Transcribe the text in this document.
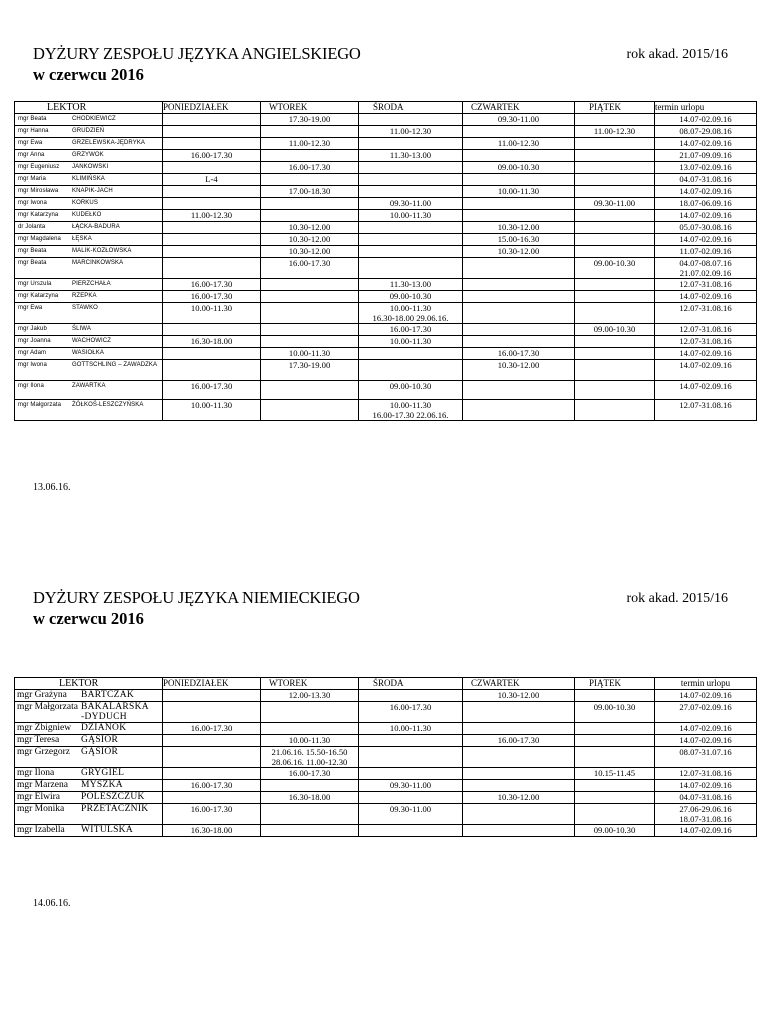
DYŻURY ZESPOŁU JĘZYKA ANGIELSKIEGO
w czerwcu 2016
rok akad. 2015/16
LEKTOR	PONIEDZIAŁEK	WTOREK	ŚRODA	CZWARTEK	PIĄTEK	termin urlopu
mgr Beata CHODKIEWICZ		17.30-19.00		09.30-11.00		14.07-02.09.16
mgr Hanna GRUDZIEŃ			11.00-12.30		11.00-12.30	08.07-29.08.16
mgr Ewa GRZELEWSKA-JĘDRYKA		11.00-12.30		11.00-12.30		14.07-02.09.16
mgr Anna GRZYWOK	16.00-17.30		11.30-13.00			21.07-09.09.16
mgr Eugeniusz JANKOWSKI		16.00-17.30		09.00-10.30		13.07-02.09.16
mgr Maria KLIMIŃSKA	L-4					04.07-31.08.16
mgr Mirosława KNAPIK-JACH		17.00-18.30		10.00-11.30		14.07-02.09.16
mgr Iwona KORKUS			09.30-11.00		09.30-11.00	18.07-06.09.16
mgr Katarzyna KUDEŁKO	11.00-12.30		10.00-11.30			14.07-02.09.16
dr Jolanta ŁĄCKA-BADURA		10.30-12.00		10.30-12.00		05.07-30.08.16
mgr Magdalena ŁĘSKA		10.30-12.00		15.00-16.30		14.07-02.09.16
mgr Beata MALIK-KOZŁOWSKA		10.30-12.00		10.30-12.00		11.07-02.09.16
mgr Beata MARCINKOWSKA		16.00-17.30			09.00-10.30	04.07-08.07.16
21.07.02.09.16
mgr Urszula PIERZCHAŁA	16.00-17.30		11.30-13.00			12.07-31.08.16
mgr Katarzyna RZEPKA	16.00-17.30		09.00-10.30			14.07-02.09.16
mgr Ewa STAWKO	10.00-11.30		10.00-11.30
16.30-18.00 29.06.16.			12.07-31.08.16
mgr Jakub ŚLIWA			16.00-17.30		09.00-10.30	12.07-31.08.16
mgr Joanna WACHOWICZ	16.30-18.00		10.00-11.30			12.07-31.08.16
mgr Adam WASIOŁKA		10.00-11.30		16.00-17.30		14.07-02.09.16
mgr Iwona GOTTSCHLING – ZAWADZKA		17.30-19.00		10.30-12.00		14.07-02.09.16
mgr Ilona ZAWARTKA	16.00-17.30		09.00-10.30			14.07-02.09.16
mgr Małgorzata ŻÓŁKOŚ-LESZCZYŃSKA	10.00-11.30		10.00-11.30
16.00-17.30 22.06.16.			12.07-31.08.16
13.06.16.
DYŻURY ZESPOŁU JĘZYKA NIEMIECKIEGO
w czerwcu 2016
rok akad. 2015/16
LEKTOR	PONIEDZIAŁEK	WTOREK	ŚRODA	CZWARTEK	PIĄTEK	termin urlopu
mgr Grażyna BARTCZAK		12.00-13.30		10.30-12.00		14.07-02.09.16
mgr Małgorzata BAKALARSKA
-DYDUCH			16.00-17.30		09.00-10.30	27.07-02.09.16
mgr Zbigniew DZIANOK	16.00-17.30		10.00-11.30			14.07-02.09.16
mgr Teresa GĄSIOR		10.00-11.30		16.00-17.30		14.07-02.09.16
mgr Grzegorz GĄSIOR		21.06.16. 15.50-16.50
28.06.16. 11.00-12.30				08.07-31.07.16
mgr Ilona GRYGIEL		16.00-17.30			10.15-11.45	12.07-31.08.16
mgr Marzena MYSZKA	16.00-17.30		09.30-11.00			14.07-02.09.16
mgr Elwira POLESZCZUK		16.30-18.00		10.30-12.00		04.07-31.08.16
mgr Monika PRZETACZNIK	16.00-17.30		09.30-11.00			27.06-29.06.16
18.07-31.08.16
mgr Izabella WITULSKA	16.30-18.00				09.00-10.30	14.07-02.09.16
14.06.16.
